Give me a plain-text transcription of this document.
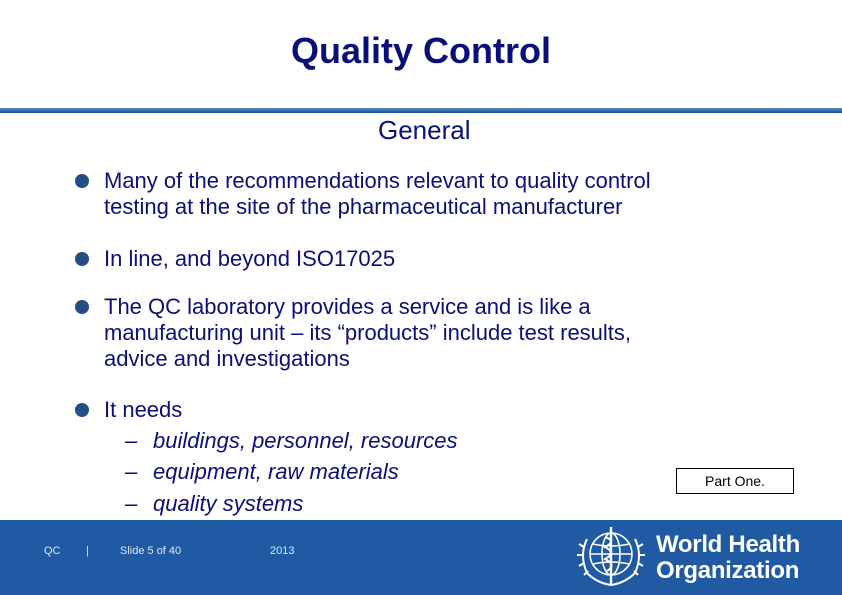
Quality Control
General
Many of the recommendations relevant to quality control
testing at the site of the pharmaceutical manufacturer
In line, and beyond ISO17025
The QC laboratory provides a service and is like a
manufacturing unit – its “products” include test results,
advice and investigations
It needs
– buildings, personnel, resources
– equipment, raw materials
– quality systems
Part One.
QC |	Slide 5 of 40	2013	World Health
Organization
